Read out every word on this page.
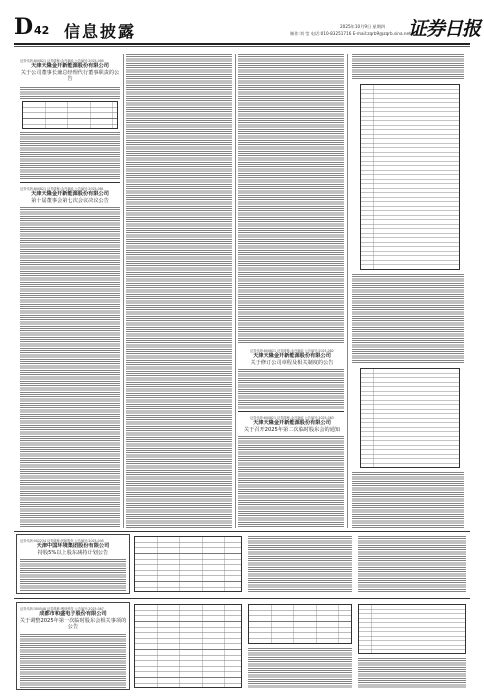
D 42 信息披露	2025年10月9日 星期四
制作:刘 莹 电话:010-83251716 E-mail:zqrb9@zqrb.sina.net
证券日报
证券代码:600821 证券简称:金开新能 公告编号:2025-080
天津天隆金开新能源股份有限公司
关于公司董事长兼总经理代行董事职责的公告
证券代码:600821 证券简称:金开新能 公告编号:2025-081
天津天隆金开新能源股份有限公司
第十届董事会第七次会议决议公告
证券代码:600821 证券简称:金开新能 公告编号:2025-082
天津天隆金开新能源股份有限公司
关于修订公司章程及相关制度的公告
证券代码:600821 证券简称:金开新能 公告编号:2025-083
天津天隆金开新能源股份有限公司
关于召开2025年第二次临时股东会的通知
证券代码:002234 证券简称:民和股份 公告编号:2025-045
天津中国环境集团股份有限公司
持股5%以上股东减持计划公告
证券代码:300548 证券简称:博创科技 公告编号:2025-067
成都市和盛电子股份有限公司
关于调整2025年第一次临时股东会相关事项的公告
